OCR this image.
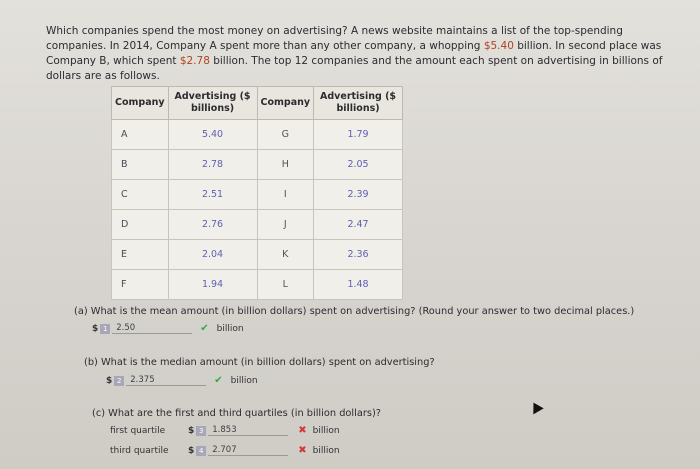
Which companies spend the most money on advertising? A news website maintains a list of the top-spending companies. In 2014, Company A spent more than any other company, a whopping $5.40 billion. In second place was Company B, which spent $2.78 billion. The top 12 companies and the amount each spent on advertising in billions of dollars are as follows.
Company	Advertising ($ billions)	Company	Advertising ($ billions)
A	5.40	G	1.79
B	2.78	H	2.05
C	2.51	I	2.39
D	2.76	J	2.47
E	2.04	K	2.36
F	1.94	L	1.48
(a) What is the mean amount (in billion dollars) spent on advertising? (Round your answer to two decimal places.)
$ 1	2.50	✔ billion
(b) What is the median amount (in billion dollars) spent on advertising?
$ 2	2.375	✔ billion
(c) What are the first and third quartiles (in billion dollars)?
first quartile	$ 3	1.853	✖ billion
third quartile	$ 4	2.707	✖ billion
